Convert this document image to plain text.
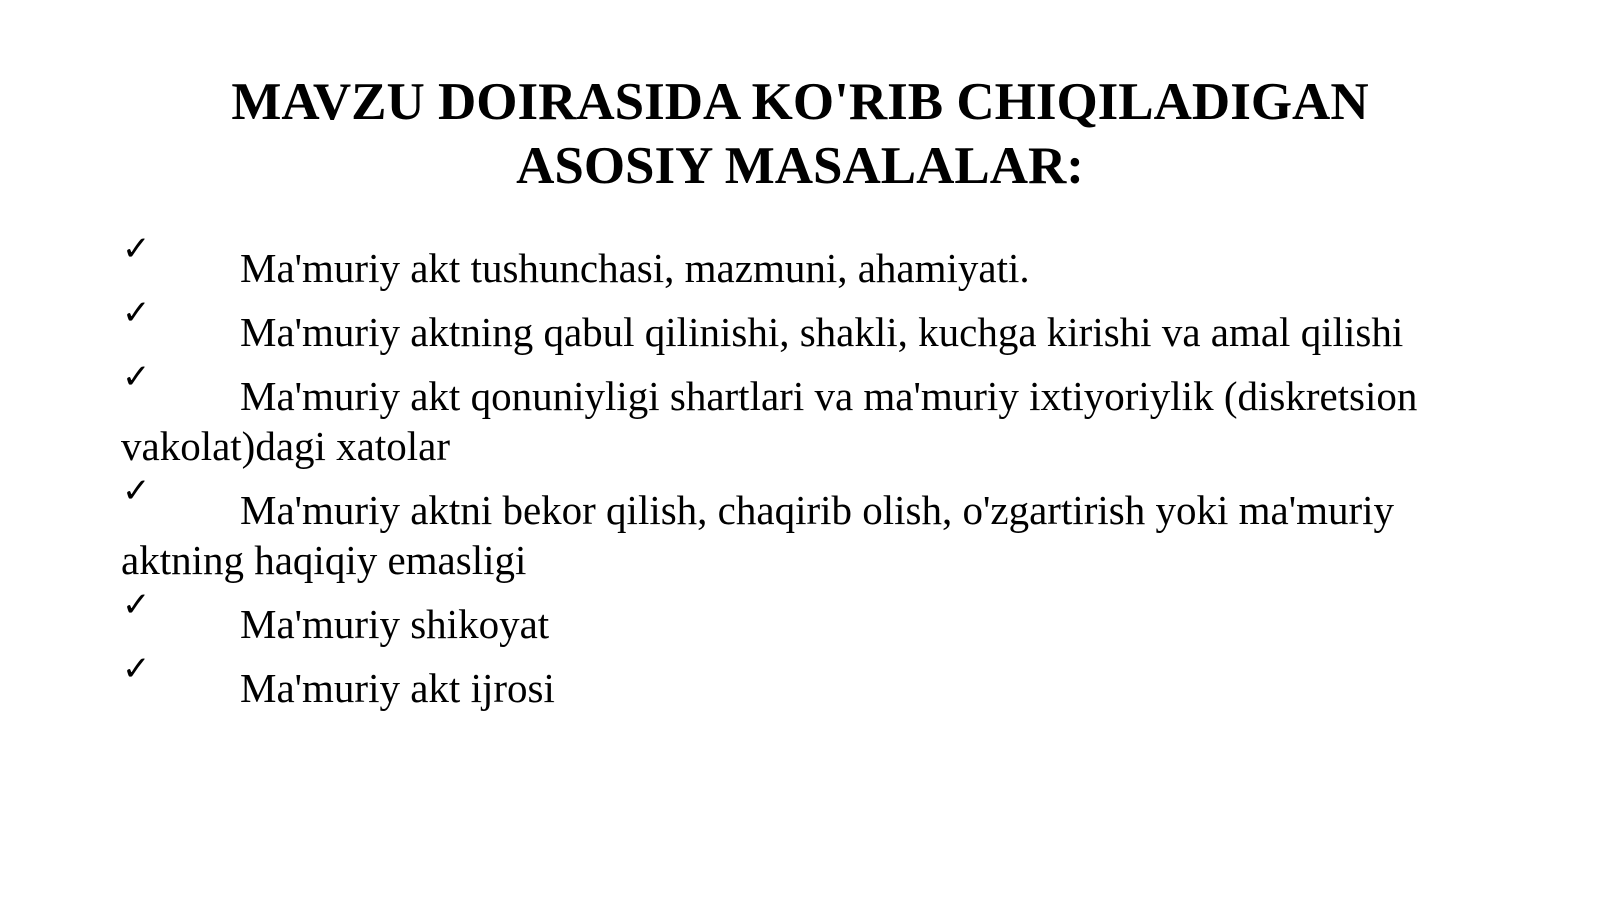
MAVZU DOIRASIDA KO'RIB CHIQILADIGAN
ASOSIY MASALALAR:
✓	Ma'muriy akt tushunchasi, mazmuni, ahamiyati.
✓	Ma'muriy aktning qabul qilinishi, shakli, kuchga kirishi va amal qilishi
✓	Ma'muriy akt qonuniyligi shartlari va ma'muriy ixtiyoriylik (diskretsion vakolat)dagi xatolar
✓	Ma'muriy aktni bekor qilish, chaqirib olish, o'zgartirish yoki ma'muriy aktning haqiqiy emasligi
✓	Ma'muriy shikoyat
✓	Ma'muriy akt ijrosi
